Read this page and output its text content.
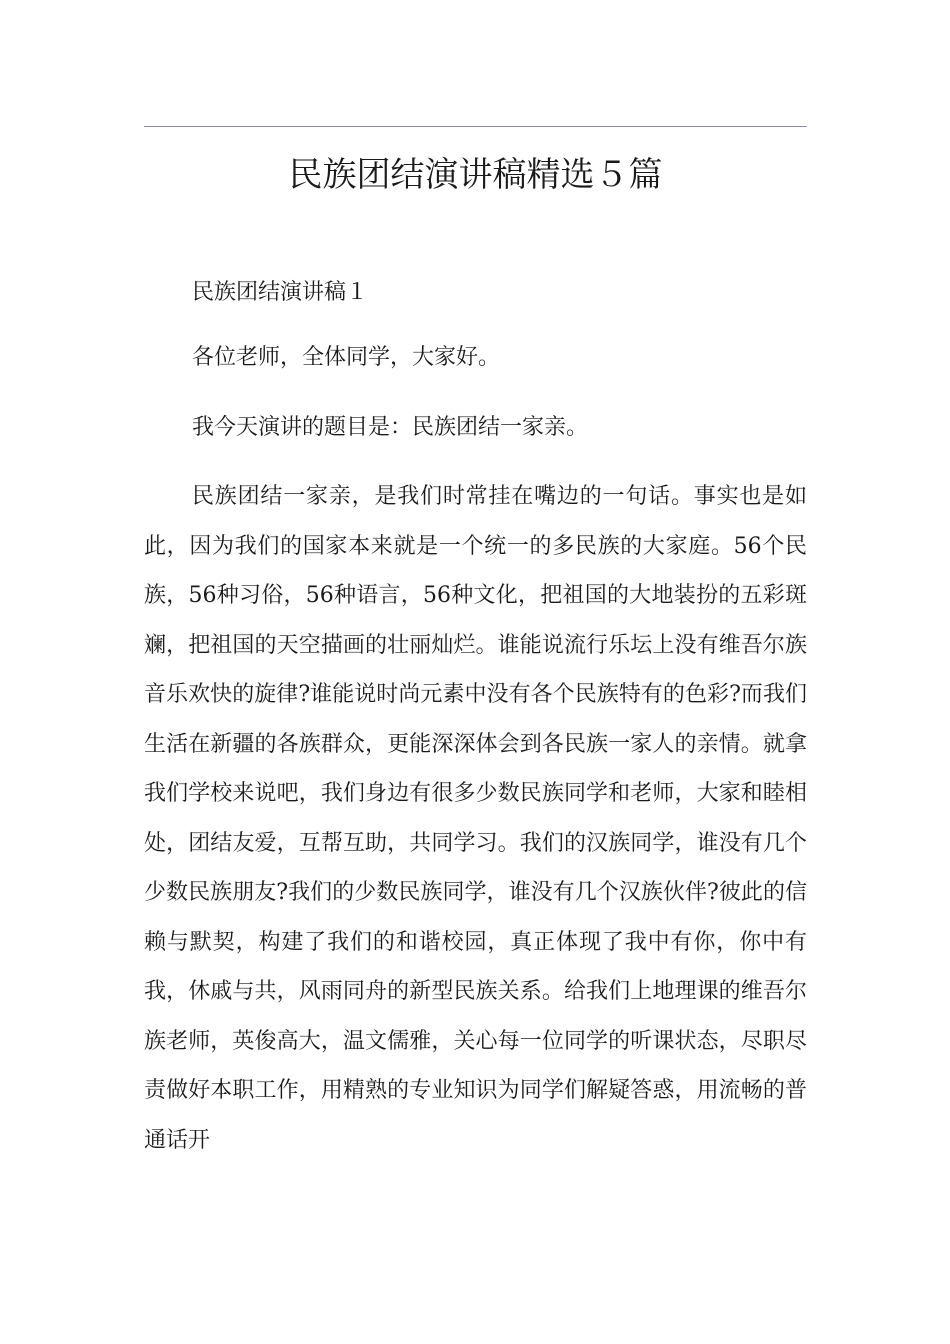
民族团结演讲稿精选５篇

民族团结演讲稿１

各位老师，全体同学，大家好。

我今天演讲的题目是：民族团结一家亲。

民族团结一家亲，是我们时常挂在嘴边的一句话。事实也是如此，因为我们的国家本来就是一个统一的多民族的大家庭。56个民族，56种习俗，56种语言，56种文化，把祖国的大地装扮的五彩斑斓，把祖国的天空描画的壮丽灿烂。谁能说流行乐坛上没有维吾尔族音乐欢快的旋律?谁能说时尚元素中没有各个民族特有的色彩?而我们生活在新疆的各族群众，更能深深体会到各民族一家人的亲情。就拿我们学校来说吧，我们身边有很多少数民族同学和老师，大家和睦相处，团结友爱，互帮互助，共同学习。我们的汉族同学，谁没有几个少数民族朋友?我们的少数民族同学，谁没有几个汉族伙伴?彼此的信赖与默契，构建了我们的和谐校园，真正体现了我中有你，你中有我，休戚与共，风雨同舟的新型民族关系。给我们上地理课的维吾尔族老师，英俊高大，温文儒雅，关心每一位同学的听课状态，尽职尽责做好本职工作，用精熟的专业知识为同学们解疑答惑，用流畅的普通话开
